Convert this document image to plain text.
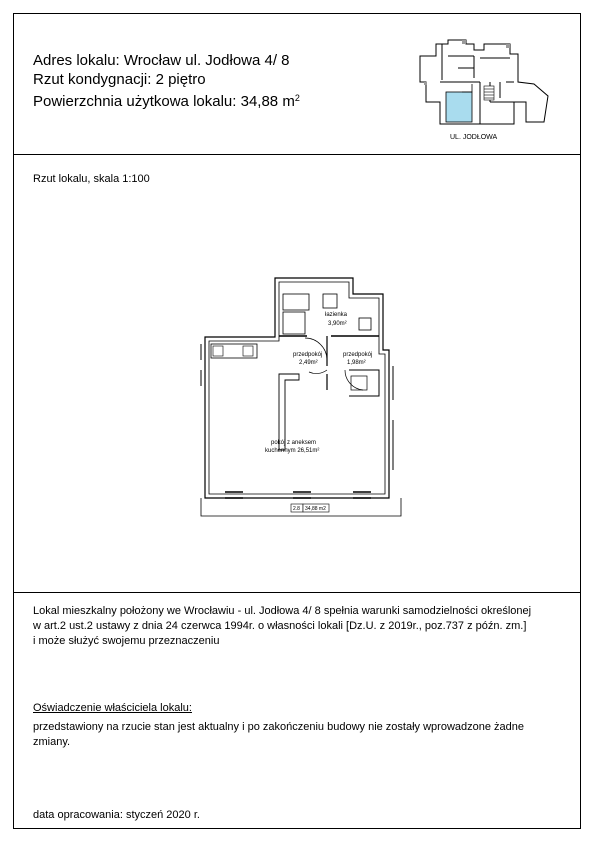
Adres lokalu: Wrocław ul. Jodłowa 4/ 8
Rzut kondygnacji: 2 piętro
Powierzchnia użytkowa lokalu: 34,88 $m^2$
UL. JODŁOWA
Rzut lokalu, skala 1:100
łazienka
3,90m²
przedpokój
2,49m²
przedpokój
1,98m²
pokój z aneksem
kuchennym 26,51m²
2.8 34,88 m2
Lokal mieszkalny położony we Wrocławiu - ul. Jodłowa 4/ 8 spełnia warunki samodzielności określonej
w art.2 ust.2 ustawy z dnia 24 czerwca 1994r. o własności lokali [Dz.U. z 2019r., poz.737 z późn. zm.]
i może służyć swojemu przeznaczeniu
Oświadczenie właściciela lokalu:
przedstawiony na rzucie stan jest aktualny i po zakończeniu budowy nie zostały wprowadzone żadne
zmiany.
data opracowania: styczeń 2020 r.
